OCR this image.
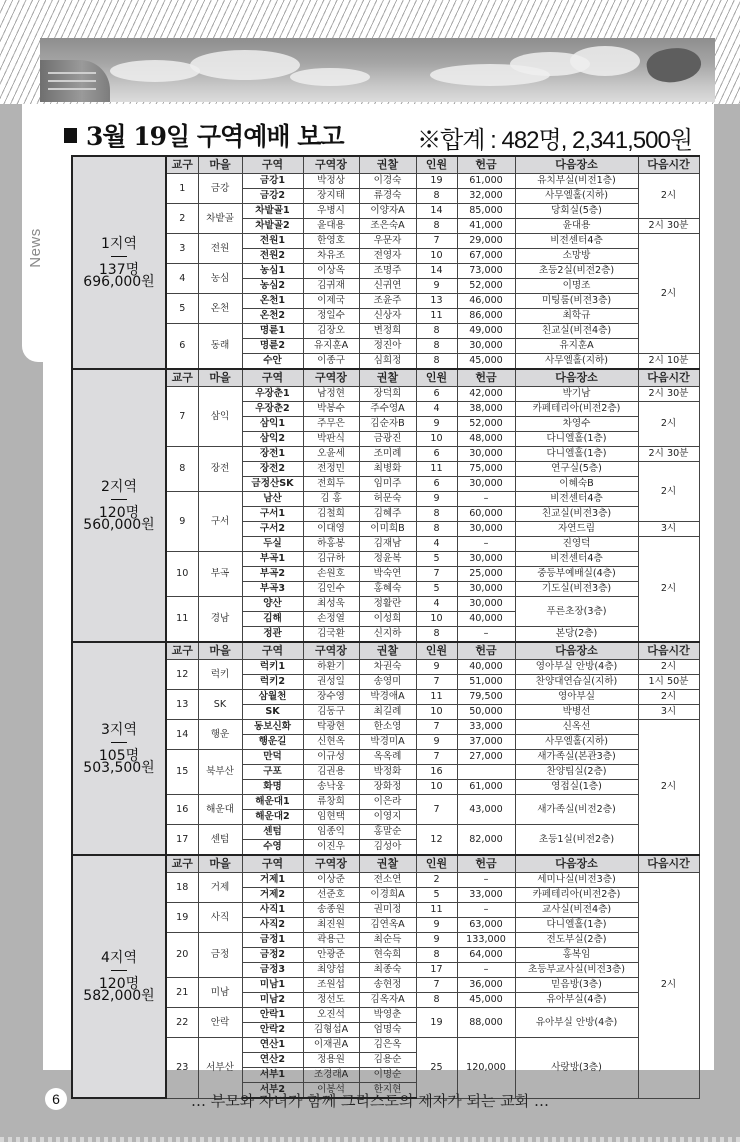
News
3월 19일 구역예배 보고	※합계 : 482명, 2,341,500원
1지역
137명
696,000원	교구	마을	구역	구역장	권찰	인원	헌금	다음장소	다음시간
	1	금강	금강1	박정상	이경숙	19	61,000	유치부실(비전1층)	2시
			금강2	장지태	류경숙	8	32,000	사무엘홀(지하)	
	2	차밭골	차밭골1	우병시	이양자A	14	85,000	당회실(5층)	
			차밭골2	윤대용	조은숙A	8	41,000	윤대용	2시 30분
	3	전원	전원1	한영호	우문자	7	29,000	비전센터4층	2시
			전원2	차유조	전영자	10	67,000	소망방	
	4	농심	농심1	이상옥	조명주	14	73,000	초등2실(비전2층)	
			농심2	김귀재	신귀연	9	52,000	이명조	
	5	온천	온천1	이제국	조윤주	13	46,000	미팅룸(비전3층)	
			온천2	정일수	신상자	11	86,000	최학규	
	6	동래	명륜1	김장오	변정희	8	49,000	친교실(비전4층)	
			명륜2	유지훈A	정진아	8	30,000	유지훈A	
			수안	이종구	심희정	8	45,000	사무엘홀(지하)	2시 10분

2지역
120명
560,000원	교구	마을	구역	구역장	권찰	인원	헌금	다음장소	다음시간
	7	삼익	우장춘1	남정현	장덕희	6	42,000	박기남	2시 30분
			우장춘2	박봉수	주수영A	4	38,000	카페테리아(비전2층)	2시
			삼익1	주무은	김순자B	9	52,000	차영수	
			삼익2	박판식	금광진	10	48,000	다니엘홀(1층)	
	8	장전	장전1	오윤세	조미례	6	30,000	다니엘홀(1층)	2시 30분
			장전2	전정민	최병화	11	75,000	연구실(5층)	2시
			금정산SK	전희두	임미주	6	30,000	이혜숙B	
	9	구서	남산	김 홍	허문숙	9	–	비전센터4층	
			구서1	김철희	김혜주	8	60,000	친교실(비전3층)	
			구서2	이대영	이미희B	8	30,000	자연드림	3시
			두실	하홍봉	김재남	4	–	진영덕	2시
	10	부곡	부곡1	김규하	정윤복	5	30,000	비전센터4층	
			부곡2	손원호	박숙연	7	25,000	중등부예배실(4층)	
			부곡3	김인수	홍혜숙	5	30,000	기도실(비전3층)	
	11	경남	양산	최성욱	정활란	4	30,000	푸른초장(3층)	
			김해	손정열	이성희	10	40,000		
			정관	김국환	신지하	8	–	본당(2층)	

3지역
105명
503,500원	교구	마을	구역	구역장	권찰	인원	헌금	다음장소	다음시간
	12	럭키	럭키1	하환기	차권숙	9	40,000	영아부실 안방(4층)	2시
			럭키2	권성일	송영미	7	51,000	찬양대연습실(지하)	1시 50분
	13	SK	삼월천	장수영	박경애A	11	79,500	영아부실	2시
			SK	김동구	최길례	10	50,000	박병선	3시
	14	행운	동보신화	탁광현	한소영	7	33,000	신옥선	2시
			행운길	신현옥	박경미A	9	37,000	사무엘홀(지하)	
	15	북부산	만덕	이규성	옥옥례	7	27,000	새가족실(본관3층)	
			구포	김권용	박정화	16		찬양팀실(2층)	
			화명	송낙웅	장화정	10	61,000	영접실(1층)	
	16	해운대	해운대1	류창희	이은라	7	43,000	새가족실(비전2층)	
			해운대2	임현택	이영지				
	17	센텀	센텀	임종익	홍말순	12	82,000	초등1실(비전2층)	
			수영	이진우	김성아				

4지역
120명
582,000원	교구	마을	구역	구역장	권찰	인원	헌금	다음장소	다음시간
	18	거제	거제1	이상준	전소연	2	–	세미나실(비전3층)	2시
			거제2	선준호	이경희A	5	33,000	카페테리아(비전2층)	
	19	사직	사직1	송종원	권미정	11	–	교사실(비전4층)	
			사직2	최진원	김연옥A	9	63,000	다니엘홀(1층)	
	20	금정	금정1	곽용근	최순득	9	133,000	전도부실(2층)	
			금정2	안광준	현숙희	8	64,000	홍복임	
			금정3	최양섭	최종숙	17	–	초등부교사실(비전3층)	
	21	미남	미남1	조원섭	송현정	7	36,000	믿음방(3층)	
			미남2	정선도	김옥자A	8	45,000	유아부실(4층)	
	22	안락	안락1	오진석	박영춘	19	88,000	유아부실 안방(4층)	
			안락2	김형섭A	엄명숙				
	23	서부산	연산1	이재권A	김은옥	25	120,000	사랑방(3층)	
			연산2	정용원	김용순				
			서부1	조경래A	이명순				
			서부2	이봉석	한지현				
6	… 부모와 자녀가 함께 그리스도의 제자가 되는 교회 …
